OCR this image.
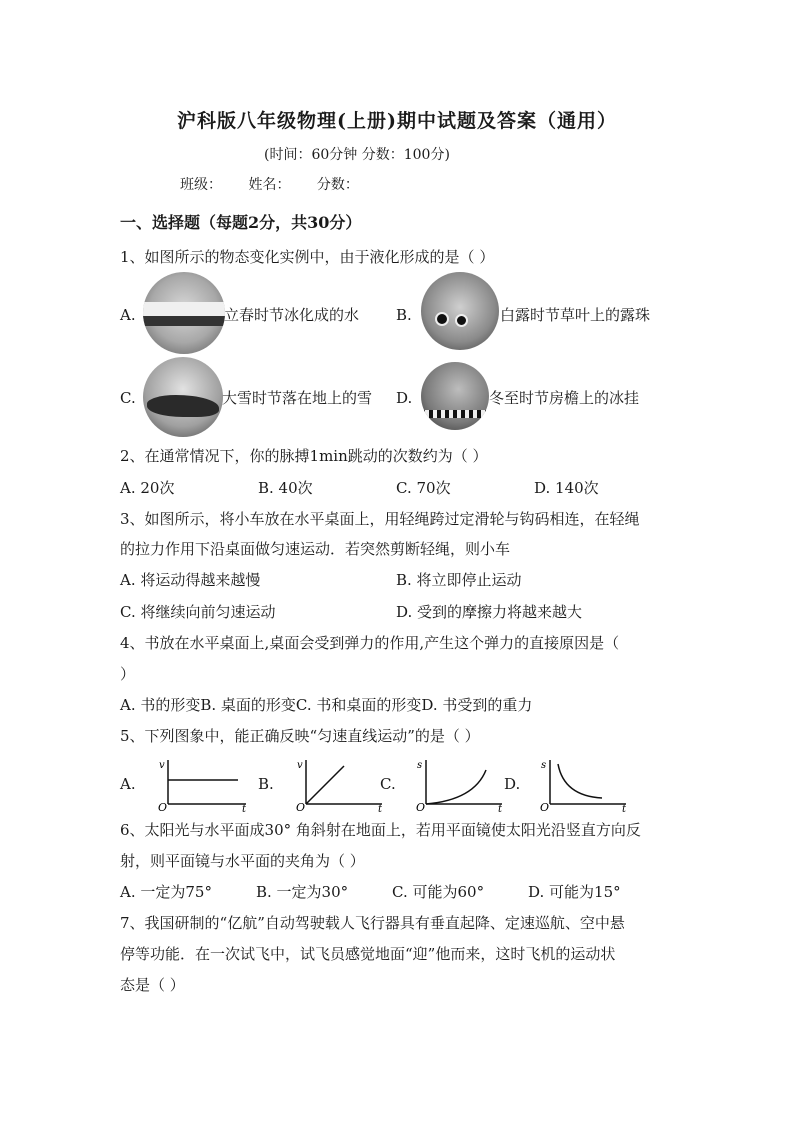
沪科版八年级物理(上册)期中试题及答案（通用）
(时间：60分钟 分数：100分)
班级： 姓名： 分数：
一、选择题（每题2分，共30分）
1、如图所示的物态变化实例中，由于液化形成的是（ ）
A.	立春时节冰化成的水 B.	白露时节草叶上的露珠
C.	大雪时节落在地上的雪 D.	冬至时节房檐上的冰挂
2、在通常情况下，你的脉搏1min跳动的次数约为（ ）
A. 20次	B. 40次	C. 70次	D. 140次
3、如图所示，将小车放在水平桌面上，用轻绳跨过定滑轮与钩码相连，在轻绳
的拉力作用下沿桌面做匀速运动．若突然剪断轻绳，则小车
A. 将运动得越来越慢	B. 将立即停止运动
C. 将继续向前匀速运动	D. 受到的摩擦力将越来越大
4、书放在水平桌面上,桌面会受到弹力的作用,产生这个弹力的直接原因是（
）
A. 书的形变B. 桌面的形变C. 书和桌面的形变D. 书受到的重力
5、下列图象中，能正确反映“匀速直线运动”的是（ ）
A.
v
O	t
B.
v
O	t
C.
s
O	t
D.
s
O	t
6、太阳光与水平面成30° 角斜射在地面上，若用平面镜使太阳光沿竖直方向反
射，则平面镜与水平面的夹角为（ ）
A. 一定为75°	B. 一定为30°	C. 可能为60°	D. 可能为15°
7、我国研制的“亿航”自动驾驶载人飞行器具有垂直起降、定速巡航、空中悬
停等功能．在一次试飞中，试飞员感觉地面“迎”他而来，这时飞机的运动状
态是（ ）
